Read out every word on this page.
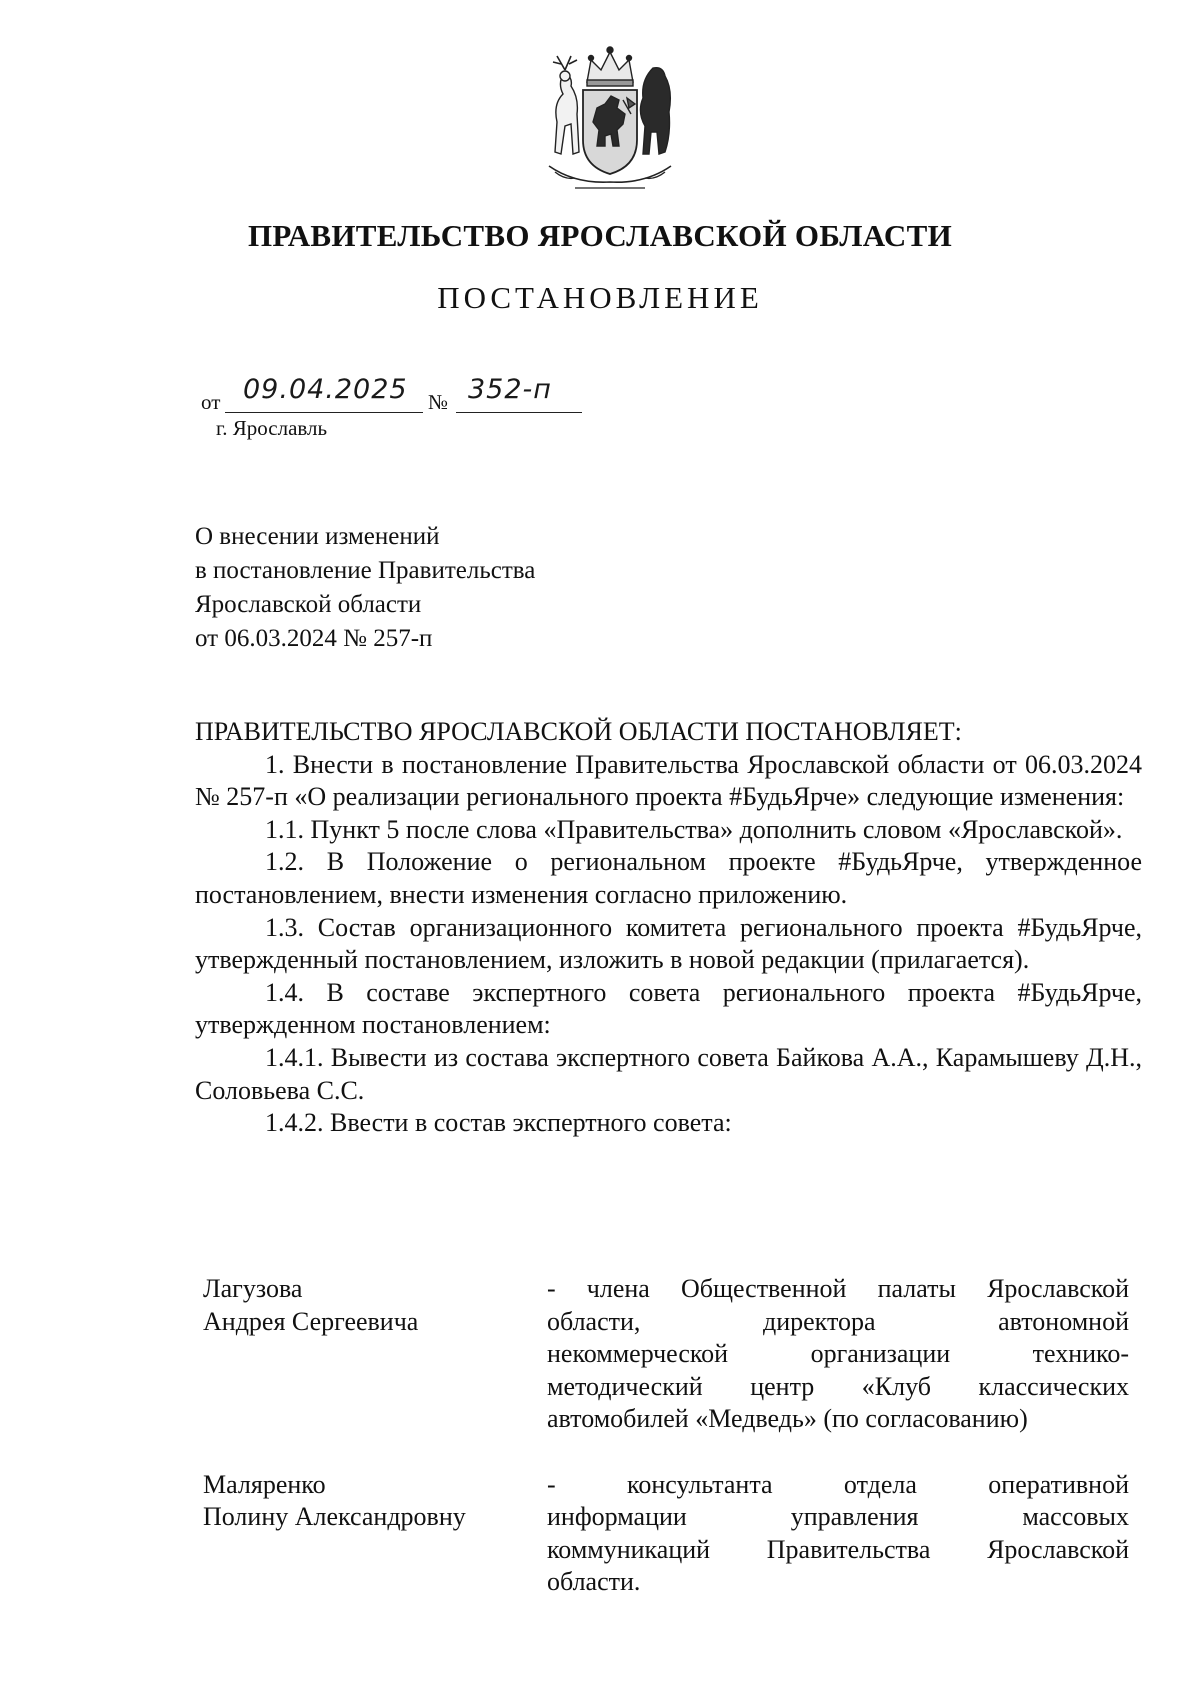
ПРАВИТЕЛЬСТВО ЯРОСЛАВСКОЙ ОБЛАСТИ
ПОСТАНОВЛЕНИЕ
от 09.04.2025 № 352-п
г. Ярославль
О внесении изменений
в постановление Правительства
Ярославской области
от 06.03.2024 № 257-п

ПРАВИТЕЛЬСТВО ЯРОСЛАВСКОЙ ОБЛАСТИ ПОСТАНОВЛЯЕТ:

1. Внести в постановление Правительства Ярославской области от 06.03.2024 № 257-п «О реализации регионального проекта #БудьЯрче» следующие изменения:

1.1. Пункт 5 после слова «Правительства» дополнить словом «Ярославской».

1.2. В Положение о региональном проекте #БудьЯрче, утвержденное постановлением, внести изменения согласно приложению.

1.3. Состав организационного комитета регионального проекта #БудьЯрче, утвержденный постановлением, изложить в новой редакции (прилагается).

1.4. В составе экспертного совета регионального проекта #БудьЯрче, утвержденном постановлением:

1.4.1. Вывести из состава экспертного совета Байкова А.А., Карамышеву Д.Н., Соловьева С.С.

1.4.2. Ввести в состав экспертного совета:

Лагузова
Андрея Сергеевича
- члена Общественной палаты Ярославской
области, директора автономной
некоммерческой организации технико-
методический центр «Клуб классических
автомобилей «Медведь» (по согласованию)
Маляренко
Полину Александровну
- консультанта отдела оперативной
информации управления массовых
коммуникаций Правительства Ярославской
области.
